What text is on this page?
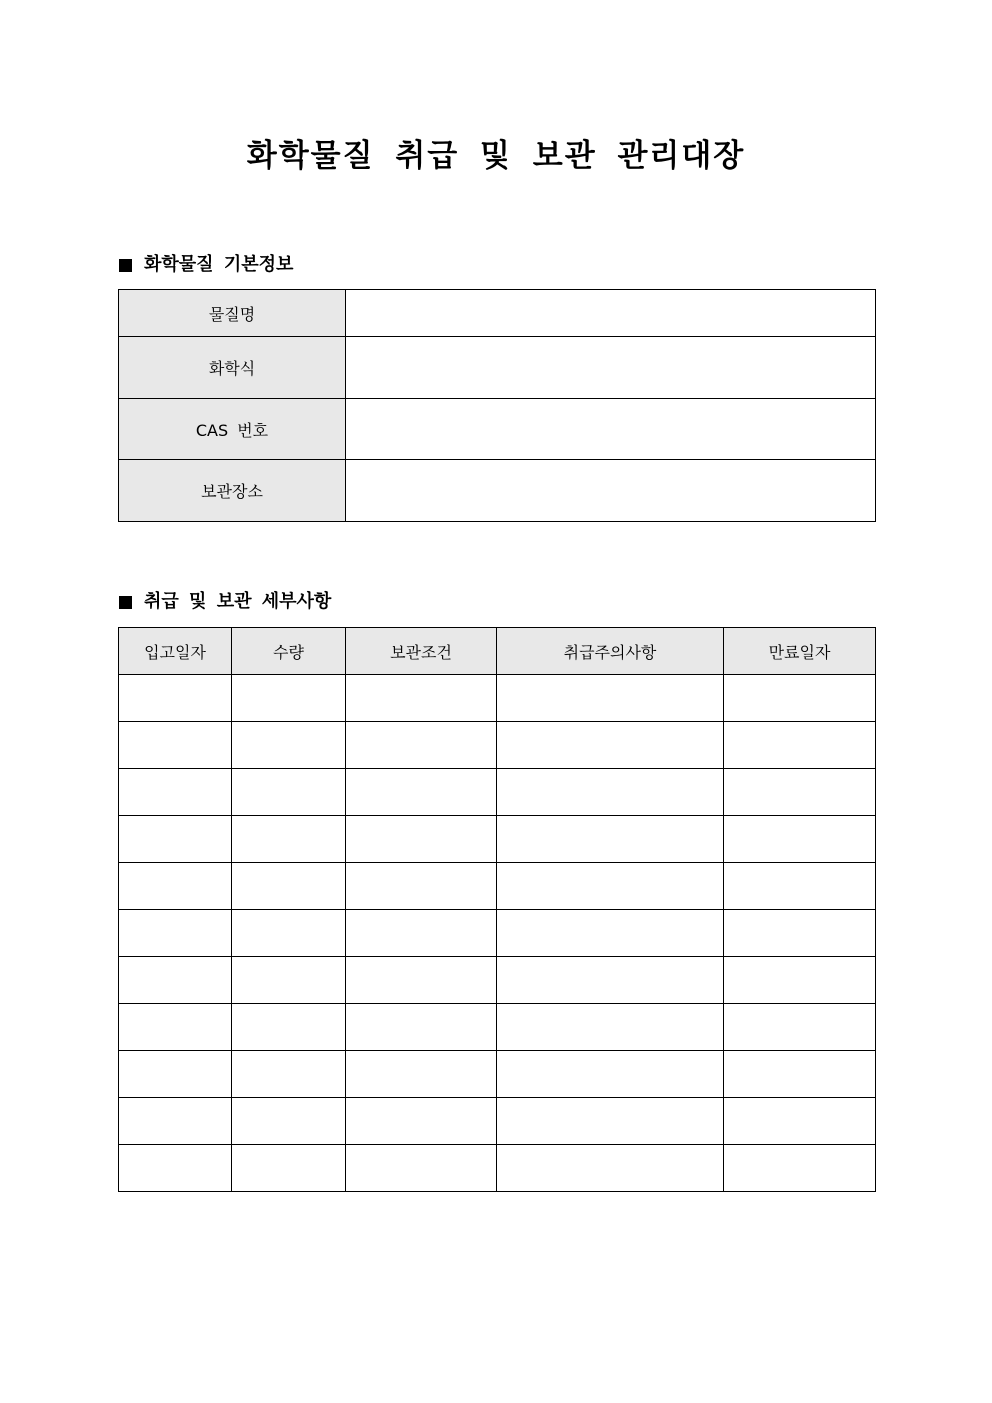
화학물질 취급 및 보관 관리대장
화학물질 기본정보
물질명	
화학식	
CAS 번호	
보관장소	
취급 및 보관 세부사항
입고일자	수량	보관조건	취급주의사항	만료일자
